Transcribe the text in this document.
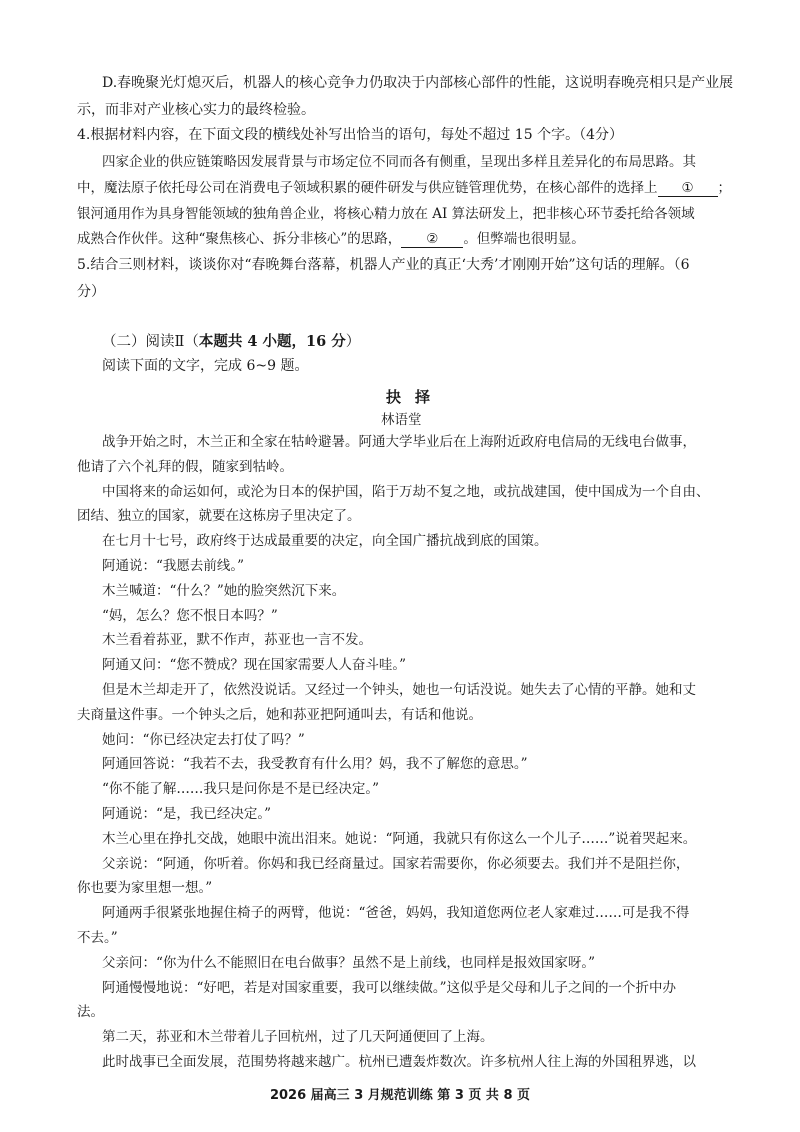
D.春晚聚光灯熄灭后，机器人的核心竞争力仍取决于内部核心部件的性能，这说明春晚亮相只是产业展
示，而非对产业核心实力的最终检验。
4.根据材料内容，在下面文段的横线处补写出恰当的语句，每处不超过 15 个字。（4分）
四家企业的供应链策略因发展背景与市场定位不同而各有侧重，呈现出多样且差异化的布局思路。其
中，魔法原子依托母公司在消费电子领域积累的硬件研发与供应链管理优势，在核心部件的选择上 ① ；
银河通用作为具身智能领域的独角兽企业，将核心精力放在 AI 算法研发上，把非核心环节委托给各领域
成熟合作伙伴。这种“聚焦核心、拆分非核心”的思路， ② 。但弊端也很明显。
5.结合三则材料，谈谈你对“春晚舞台落幕，机器人产业的真正‘大秀’才刚刚开始”这句话的理解。（6
分）
（二）阅读Ⅱ（本题共 4 小题，16 分）
阅读下面的文字，完成 6~9 题。
抉择
林语堂
战争开始之时，木兰正和全家在牯岭避暑。阿通大学毕业后在上海附近政府电信局的无线电台做事，
他请了六个礼拜的假，随家到牯岭。
中国将来的命运如何，或沦为日本的保护国，陷于万劫不复之地，或抗战建国，使中国成为一个自由、
团结、独立的国家，就要在这栋房子里决定了。
在七月十七号，政府终于达成最重要的决定，向全国广播抗战到底的国策。
阿通说：“我愿去前线。”
木兰喊道：“什么？”她的脸突然沉下来。
“妈，怎么？您不恨日本吗？”
木兰看着荪亚，默不作声，荪亚也一言不发。
阿通又问：“您不赞成？现在国家需要人人奋斗哇。”
但是木兰却走开了，依然没说话。又经过一个钟头，她也一句话没说。她失去了心情的平静。她和丈
夫商量这件事。一个钟头之后，她和荪亚把阿通叫去，有话和他说。
她问：“你已经决定去打仗了吗？”
阿通回答说：“我若不去，我受教育有什么用？妈，我不了解您的意思。”
“你不能了解……我只是问你是不是已经决定。”
阿通说：“是，我已经决定。”
木兰心里在挣扎交战，她眼中流出泪来。她说：“阿通，我就只有你这么一个儿子……”说着哭起来。
父亲说：“阿通，你听着。你妈和我已经商量过。国家若需要你，你必须要去。我们并不是阻拦你，
你也要为家里想一想。”
阿通两手很紧张地握住椅子的两臂，他说：“爸爸，妈妈，我知道您两位老人家难过……可是我不得
不去。”
父亲问：“你为什么不能照旧在电台做事？虽然不是上前线，也同样是报效国家呀。”
阿通慢慢地说：“好吧，若是对国家重要，我可以继续做。”这似乎是父母和儿子之间的一个折中办
法。
第二天，荪亚和木兰带着儿子回杭州，过了几天阿通便回了上海。
2026 届高三 3 月规范训练 第 3 页 共 8 页
此时战事已全面发展，范围势将越来越广。杭州已遭轰炸数次。许多杭州人往上海的外国租界逃，以
